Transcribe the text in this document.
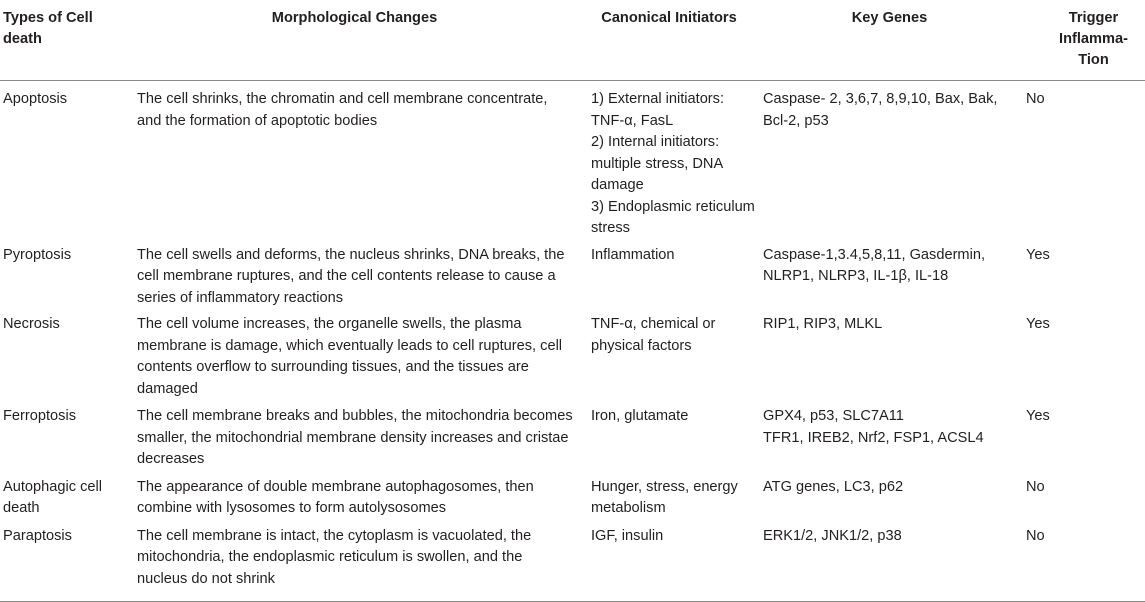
Types of Cell death	Morphological Changes	Canonical Initiators	Key Genes	Trigger Inflamma-Tion
Apoptosis	The cell shrinks, the chromatin and cell membrane concentrate, and the formation of apoptotic bodies	1) External initiators: TNF-α, FasL
2) Internal initiators: multiple stress, DNA damage
3) Endoplasmic reticulum stress	Caspase- 2, 3,6,7, 8,9,10, Bax, Bak, Bcl-2, p53	No
Pyroptosis	The cell swells and deforms, the nucleus shrinks, DNA breaks, the cell membrane ruptures, and the cell contents release to cause a series of inflammatory reactions	Inflammation	Caspase-1,3.4,5,8,11, Gasdermin, NLRP1, NLRP3, IL-1β, IL-18	Yes
Necrosis	The cell volume increases, the organelle swells, the plasma membrane is damage, which eventually leads to cell ruptures, cell contents overflow to surrounding tissues, and the tissues are damaged	TNF-α, chemical or physical factors	RIP1, RIP3, MLKL	Yes
Ferroptosis	The cell membrane breaks and bubbles, the mitochondria becomes smaller, the mitochondrial membrane density increases and cristae decreases	Iron, glutamate	GPX4, p53, SLC7A11
TFR1, IREB2, Nrf2, FSP1, ACSL4	Yes
Autophagic cell death	The appearance of double membrane autophagosomes, then combine with lysosomes to form autolysosomes	Hunger, stress, energy metabolism	ATG genes, LC3, p62	No
Paraptosis	The cell membrane is intact, the cytoplasm is vacuolated, the mitochondria, the endoplasmic reticulum is swollen, and the nucleus do not shrink	IGF, insulin	ERK1/2, JNK1/2, p38	No
